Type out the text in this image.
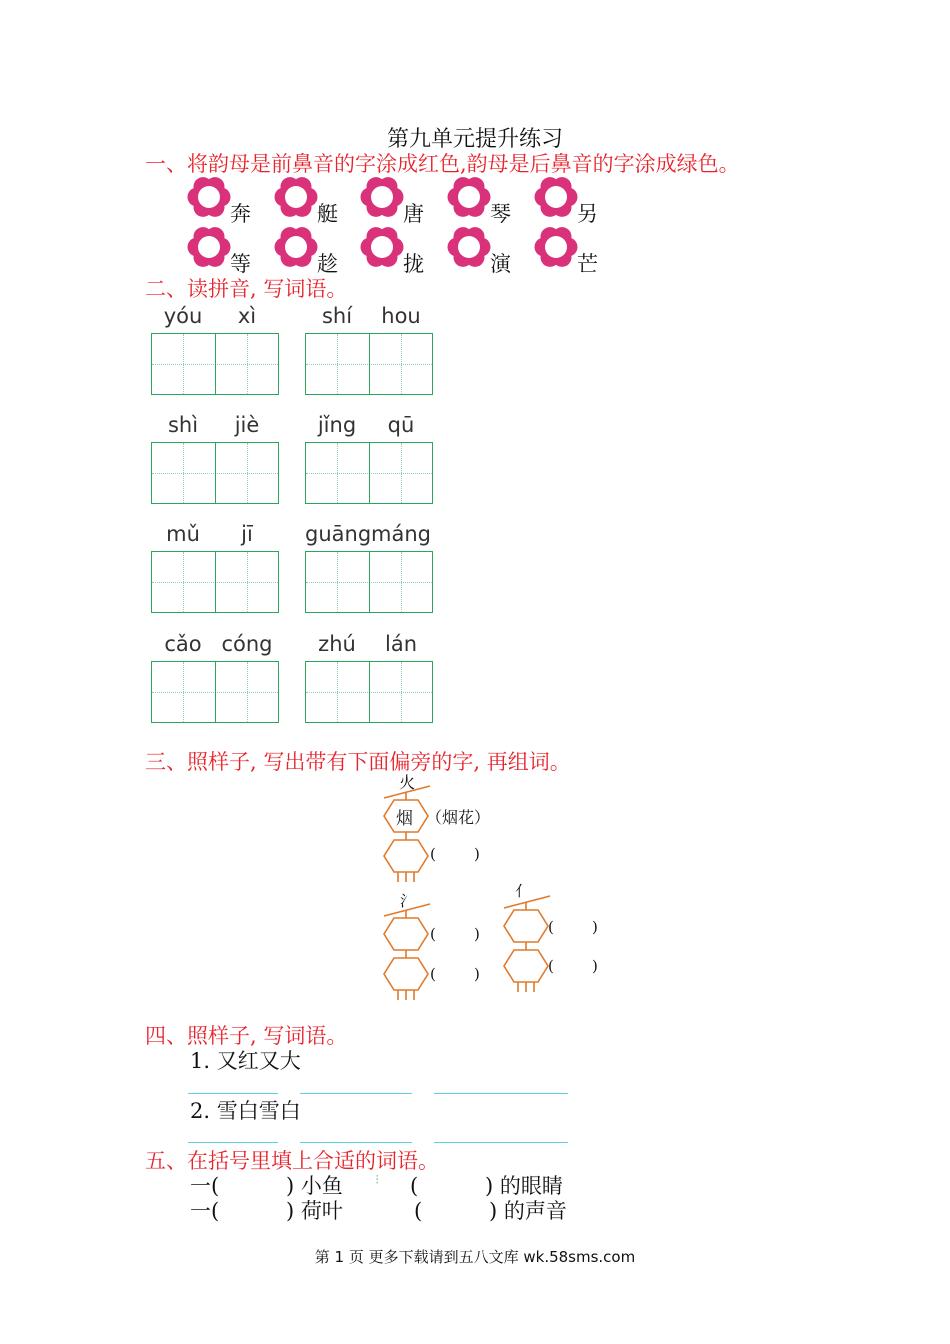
第九单元提升练习
一、将韵母是前鼻音的字涂成红色,韵母是后鼻音的字涂成绿色。
奔	艇	唐	琴	另
等	趁	拢	演	芒
二、读拼音, 写词语。
yóu	xì	shí	hou
shì	jiè	jǐng	qū
mǔ	jī	guāng máng
cǎo cóng	zhú	lán
三、照样子, 写出带有下面偏旁的字, 再组词。
火
烟 （烟花）
(        )
氵
(        )
(        )
亻
(        )
(        )
四、照样子, 写词语。
1. 又红又大
2. 雪白雪白
五、在括号里填上合适的词语。
一(          ) 小鱼 ⁝ (          ) 的眼睛
一(          ) 荷叶	(          ) 的声音
第 1 页 更多下载请到五八文库 wk.58sms.com
